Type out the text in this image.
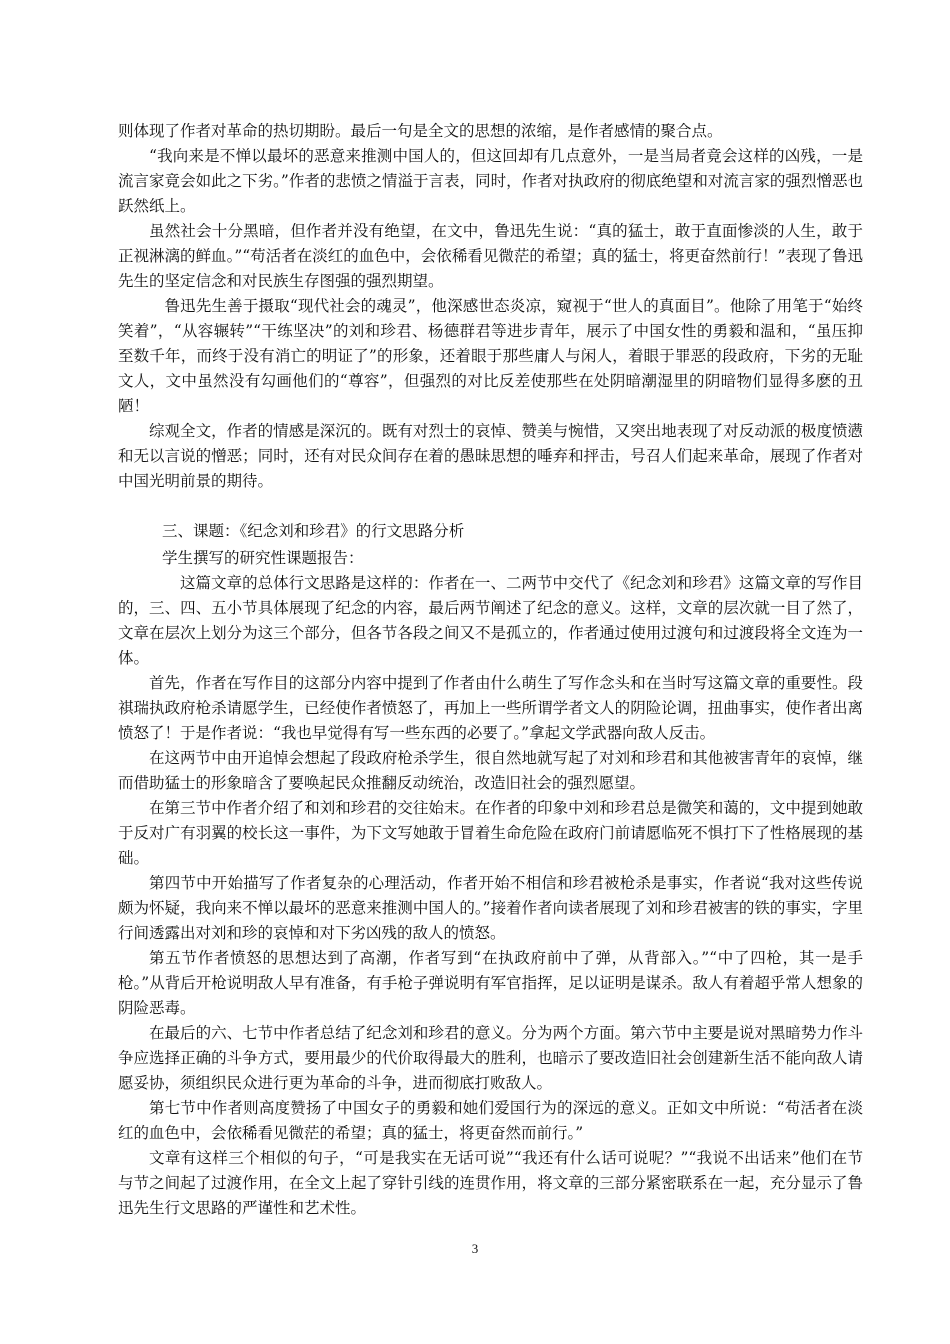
则体现了作者对革命的热切期盼。最后一句是全文的思想的浓缩，是作者感情的聚合点。

“我向来是不惮以最坏的恶意来推测中国人的，但这回却有几点意外，一是当局者竟会这样的凶残，一是流言家竟会如此之下劣。”作者的悲愤之情溢于言表，同时，作者对执政府的彻底绝望和对流言家的强烈憎恶也跃然纸上。

虽然社会十分黑暗，但作者并没有绝望，在文中，鲁迅先生说：“真的猛士，敢于直面惨淡的人生，敢于正视淋漓的鲜血。”“苟活者在淡红的血色中，会依稀看见微茫的希望；真的猛士，将更奋然前行！”表现了鲁迅先生的坚定信念和对民族生存图强的强烈期望。

鲁迅先生善于摄取“现代社会的魂灵”，他深感世态炎凉，窥视于“世人的真面目”。他除了用笔于“始终笑着”，“从容辗转”“干练坚决”的刘和珍君、杨德群君等进步青年，展示了中国女性的勇毅和温和，“虽压抑至数千年，而终于没有消亡的明证了”的形象，还着眼于那些庸人与闲人，着眼于罪恶的段政府，下劣的无耻文人，文中虽然没有勾画他们的“尊容”，但强烈的对比反差使那些在处阴暗潮湿里的阴暗物们显得多麽的丑陋！

综观全文，作者的情感是深沉的。既有对烈士的哀悼、赞美与惋惜，又突出地表现了对反动派的极度愤懑和无以言说的憎恶；同时，还有对民众间存在着的愚昧思想的唾弃和抨击，号召人们起来革命，展现了作者对中国光明前景的期待。

三、课题：《纪念刘和珍君》的行文思路分析
学生撰写的研究性课题报告：

这篇文章的总体行文思路是这样的：作者在一、二两节中交代了《纪念刘和珍君》这篇文章的写作目的，三、四、五小节具体展现了纪念的内容，最后两节阐述了纪念的意义。这样，文章的层次就一目了然了，文章在层次上划分为这三个部分，但各节各段之间又不是孤立的，作者通过使用过渡句和过渡段将全文连为一体。

首先，作者在写作目的这部分内容中提到了作者由什么萌生了写作念头和在当时写这篇文章的重要性。段祺瑞执政府枪杀请愿学生，已经使作者愤怒了，再加上一些所谓学者文人的阴险论调，扭曲事实，使作者出离愤怒了！于是作者说：“我也早觉得有写一些东西的必要了。”拿起文学武器向敌人反击。

在这两节中由开追悼会想起了段政府枪杀学生，很自然地就写起了对刘和珍君和其他被害青年的哀悼，继而借助猛士的形象暗含了要唤起民众推翻反动统治，改造旧社会的强烈愿望。

在第三节中作者介绍了和刘和珍君的交往始末。在作者的印象中刘和珍君总是微笑和蔼的，文中提到她敢于反对广有羽翼的校长这一事件，为下文写她敢于冒着生命危险在政府门前请愿临死不惧打下了性格展现的基础。

第四节中开始描写了作者复杂的心理活动，作者开始不相信和珍君被枪杀是事实，作者说“我对这些传说颇为怀疑，我向来不惮以最坏的恶意来推测中国人的。”接着作者向读者展现了刘和珍君被害的铁的事实，字里行间透露出对刘和珍的哀悼和对下劣凶残的敌人的愤怒。

第五节作者愤怒的思想达到了高潮，作者写到“在执政府前中了弹，从背部入。”“中了四枪，其一是手枪。”从背后开枪说明敌人早有准备，有手枪子弹说明有军官指挥，足以证明是谋杀。敌人有着超乎常人想象的阴险恶毒。

在最后的六、七节中作者总结了纪念刘和珍君的意义。分为两个方面。第六节中主要是说对黑暗势力作斗争应选择正确的斗争方式，要用最少的代价取得最大的胜利，也暗示了要改造旧社会创建新生活不能向敌人请愿妥协，须组织民众进行更为革命的斗争，进而彻底打败敌人。

第七节中作者则高度赞扬了中国女子的勇毅和她们爱国行为的深远的意义。正如文中所说：“苟活者在淡红的血色中，会依稀看见微茫的希望；真的猛士，将更奋然而前行。”

文章有这样三个相似的句子，“可是我实在无话可说”“我还有什么话可说呢？”“我说不出话来”他们在节与节之间起了过渡作用，在全文上起了穿针引线的连贯作用，将文章的三部分紧密联系在一起，充分显示了鲁迅先生行文思路的严谨性和艺术性。

3
